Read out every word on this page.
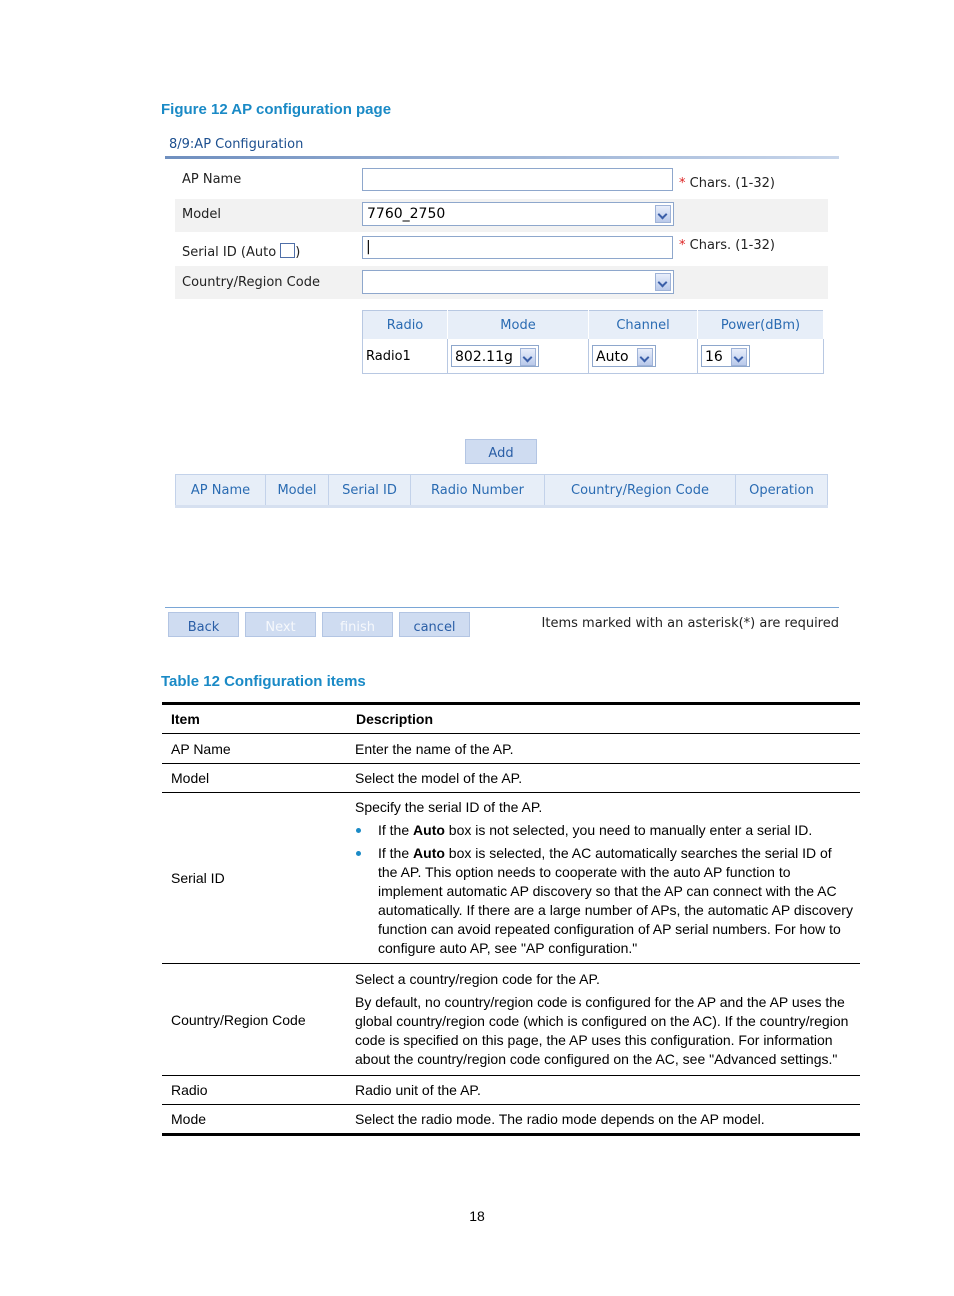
Figure 12 AP configuration page
8/9:AP Configuration
AP Name	* Chars. (1-32)
Model	7760_2750
Serial ID (Auto )	|	* Chars. (1-32)
Country/Region Code
Radio	Mode	Channel	Power(dBm)
Radio1	802.11g	Auto	16
Add
AP Name	Model	Serial ID	Radio Number	Country/Region Code	Operation
Back	Next	finish	cancel	Items marked with an asterisk(*) are required
Table 12 Configuration items
Item	Description
AP Name	Enter the name of the AP.
Model	Select the model of the AP.
Serial ID	Specify the serial ID of the AP.

If the Auto box is not selected, you need to manually enter a serial ID.

If the Auto box is selected, the AC automatically searches the serial ID of the AP. This option needs to cooperate with the auto AP function to implement automatic AP discovery so that the AP can connect with the AC automatically. If there are a large number of APs, the automatic AP discovery function can avoid repeated configuration of AP serial numbers. For how to configure auto AP, see "AP configuration."

Country/Region Code	Select a country/region code for the AP.

By default, no country/region code is configured for the AP and the AP uses the global country/region code (which is configured on the AC). If the country/region code is specified on this page, the AP uses this configuration. For information about the country/region code configured on the AC, see "Advanced settings."

Radio	Radio unit of the AP.
Mode	Select the radio mode. The radio mode depends on the AP model.
18
